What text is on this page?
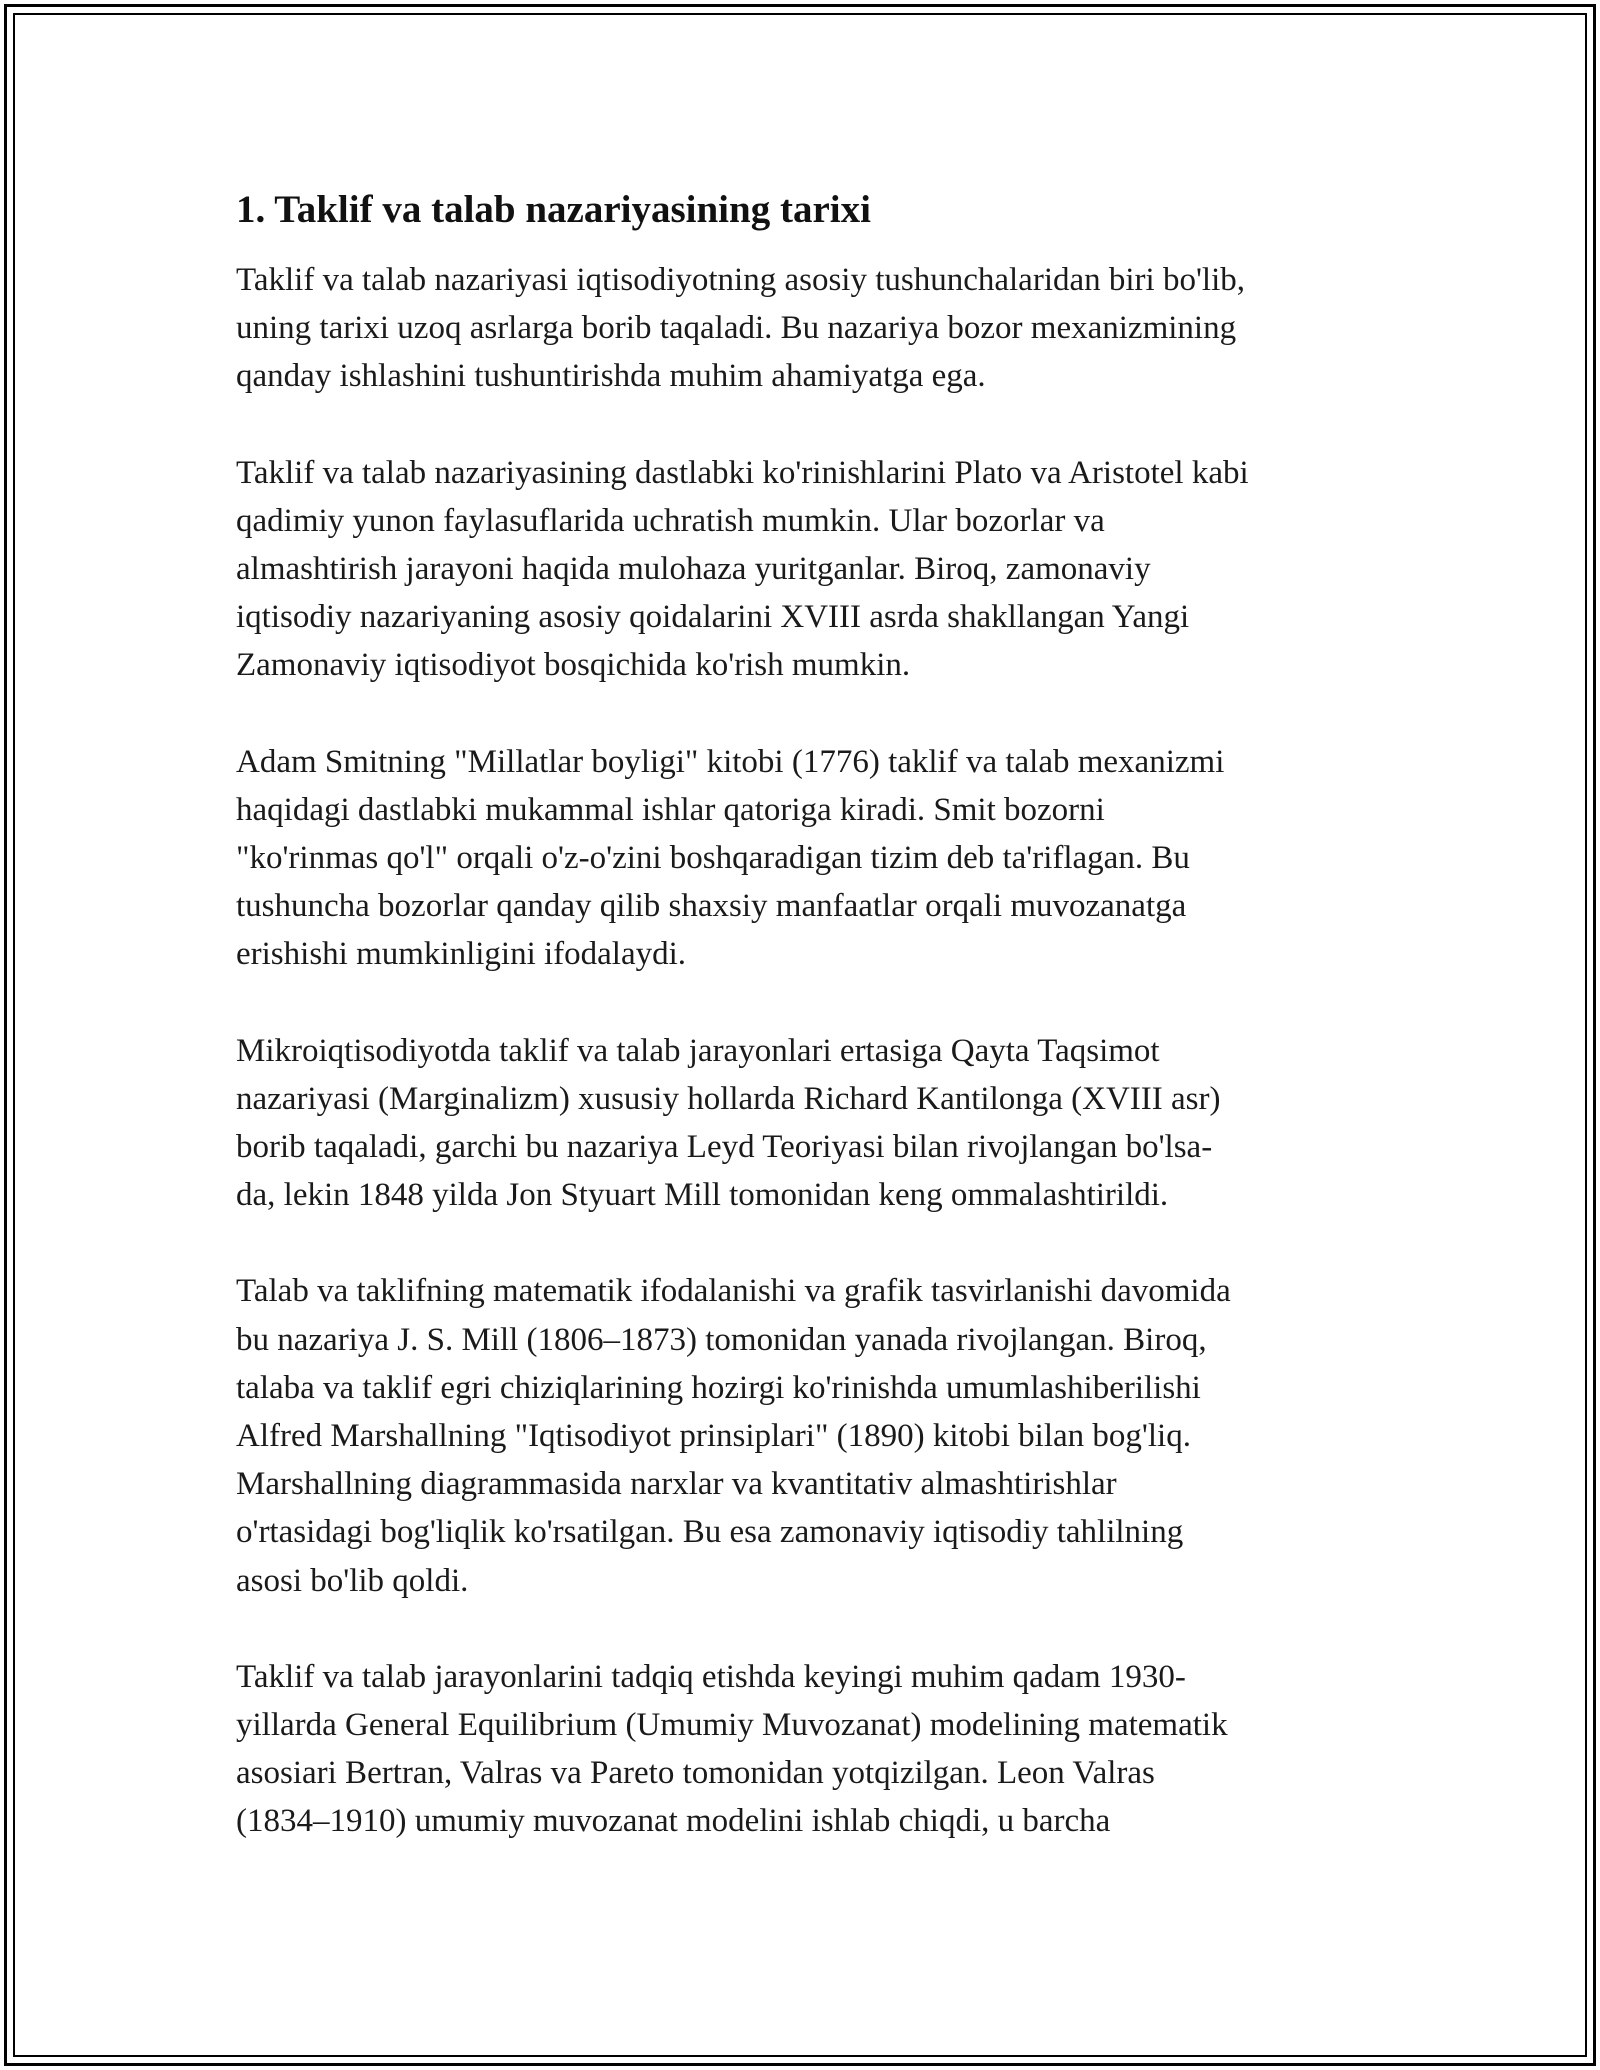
1. Taklif va talab nazariyasining tarixi

Taklif va talab nazariyasi iqtisodiyotning asosiy tushunchalaridan biri bo'lib,
uning tarixi uzoq asrlarga borib taqaladi. Bu nazariya bozor mexanizmining
qanday ishlashini tushuntirishda muhim ahamiyatga ega.

Taklif va talab nazariyasining dastlabki ko'rinishlarini Plato va Aristotel kabi
qadimiy yunon faylasuflarida uchratish mumkin. Ular bozorlar va
almashtirish jarayoni haqida mulohaza yuritganlar. Biroq, zamonaviy
iqtisodiy nazariyaning asosiy qoidalarini XVIII asrda shakllangan Yangi
Zamonaviy iqtisodiyot bosqichida ko'rish mumkin.

Adam Smitning "Millatlar boyligi" kitobi (1776) taklif va talab mexanizmi
haqidagi dastlabki mukammal ishlar qatoriga kiradi. Smit bozorni
"ko'rinmas qo'l" orqali o'z-o'zini boshqaradigan tizim deb ta'riflagan. Bu
tushuncha bozorlar qanday qilib shaxsiy manfaatlar orqali muvozanatga
erishishi mumkinligini ifodalaydi.

Mikroiqtisodiyotda taklif va talab jarayonlari ertasiga Qayta Taqsimot
nazariyasi (Marginalizm) xususiy hollarda Richard Kantilonga (XVIII asr)
borib taqaladi, garchi bu nazariya Leyd Teoriyasi bilan rivojlangan bo'lsa-
da, lekin 1848 yilda Jon Styuart Mill tomonidan keng ommalashtirildi.

Talab va taklifning matematik ifodalanishi va grafik tasvirlanishi davomida
bu nazariya J. S. Mill (1806–1873) tomonidan yanada rivojlangan. Biroq,
talaba va taklif egri chiziqlarining hozirgi ko'rinishda umumlashiberilishi
Alfred Marshallning "Iqtisodiyot prinsiplari" (1890) kitobi bilan bog'liq.
Marshallning diagrammasida narxlar va kvantitativ almashtirishlar
o'rtasidagi bog'liqlik ko'rsatilgan. Bu esa zamonaviy iqtisodiy tahlilning
asosi bo'lib qoldi.

Taklif va talab jarayonlarini tadqiq etishda keyingi muhim qadam 1930-
yillarda General Equilibrium (Umumiy Muvozanat) modelining matematik
asosiari Bertran, Valras va Pareto tomonidan yotqizilgan. Leon Valras
(1834–1910) umumiy muvozanat modelini ishlab chiqdi, u barcha
